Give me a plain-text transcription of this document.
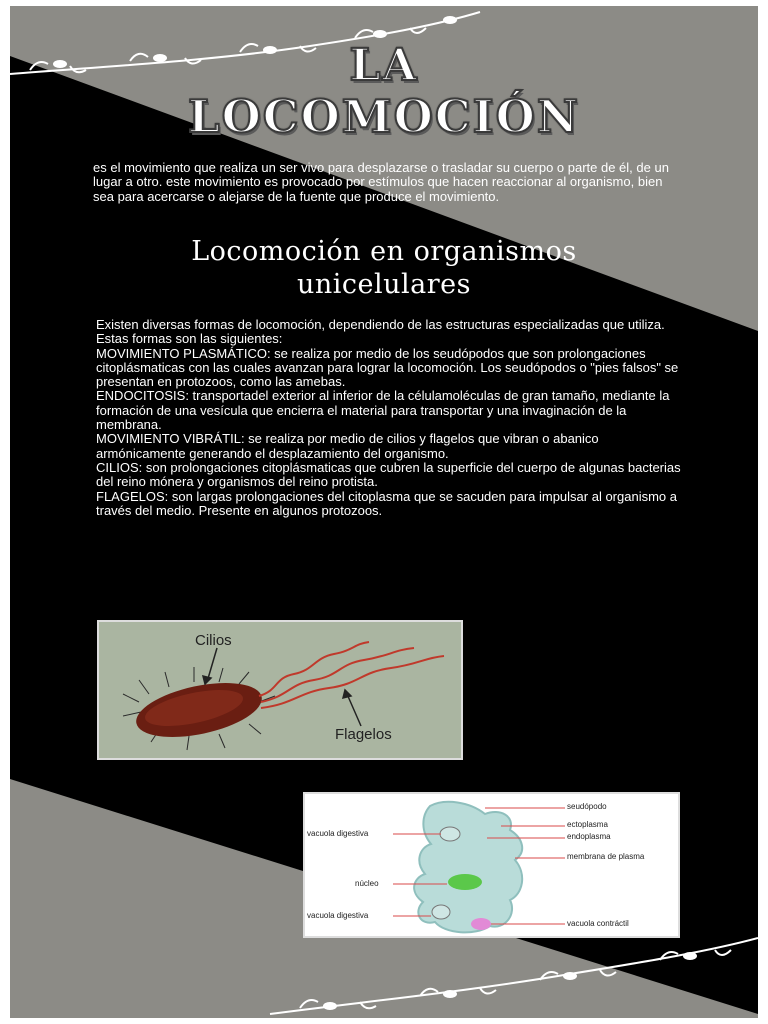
LA
LOCOMOCIÓN
es el movimiento que realiza un ser vivo para desplazarse o trasladar su cuerpo o parte de él, de un lugar a otro. este movimiento es provocado por estímulos que hacen reaccionar al organismo, bien sea para acercarse o alejarse de la fuente que produce el movimiento.
Locomoción en organismos
unicelulares

Existen diversas formas de locomoción, dependiendo de las estructuras especializadas que utiliza.

Estas formas son las siguientes:

MOVIMIENTO PLASMÁTICO: se realiza por medio de los seudópodos que son prolongaciones citoplásmaticas con las cuales avanzan para lograr la locomoción. Los seudópodos o "pies falsos" se presentan en protozoos, como las amebas.

ENDOCITOSIS: transportadel exterior al inferior de la célulamoléculas de gran tamaño, mediante la formación de una vesícula que encierra el material para transportar y una invaginación de la membrana.

MOVIMIENTO VIBRÁTIL: se realiza por medio de cilios y flagelos que vibran o abanico armónicamente generando el desplazamiento del organismo.

CILIOS: son prolongaciones citoplásmaticas que cubren la superficie del cuerpo de algunas bacterias del reino mónera y organismos del reino protista.

FLAGELOS: son largas prolongaciones del citoplasma que se sacuden para impulsar al organismo a través del medio. Presente en algunos protozoos.

Cilios
Flagelos
seudópodo
ectoplasma
endoplasma
membrana de plasma
vacuola digestiva
núcleo
vacuola digestiva
vacuola contráctil
